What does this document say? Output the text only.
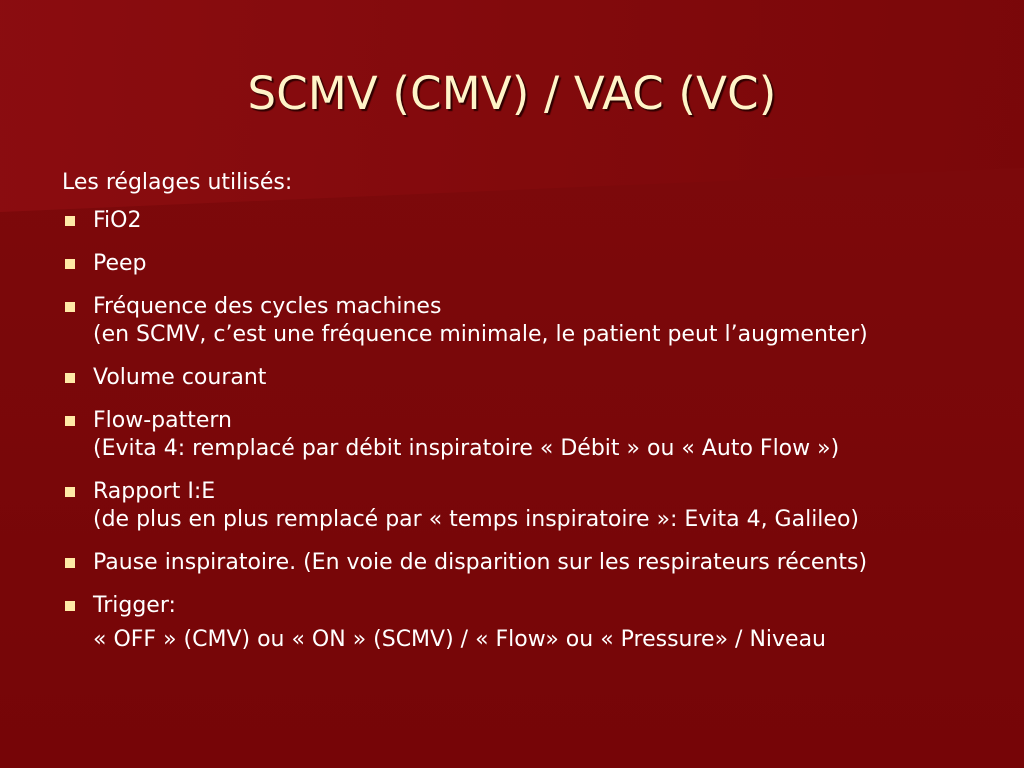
SCMV (CMV) / VAC (VC)

Les réglages utilisés:

FiO2
Peep
Fréquence des cycles machines
(en SCMV, c’est une fréquence minimale, le patient peut l’augmenter)
Volume courant
Flow-pattern
(Evita 4: remplacé par débit inspiratoire « Débit » ou « Auto Flow »)
Rapport I:E
(de plus en plus remplacé par « temps inspiratoire »: Evita 4, Galileo)
Pause inspiratoire. (En voie de disparition sur les respirateurs récents)
Trigger:
« OFF » (CMV) ou « ON » (SCMV) / « Flow» ou « Pressure» / Niveau
